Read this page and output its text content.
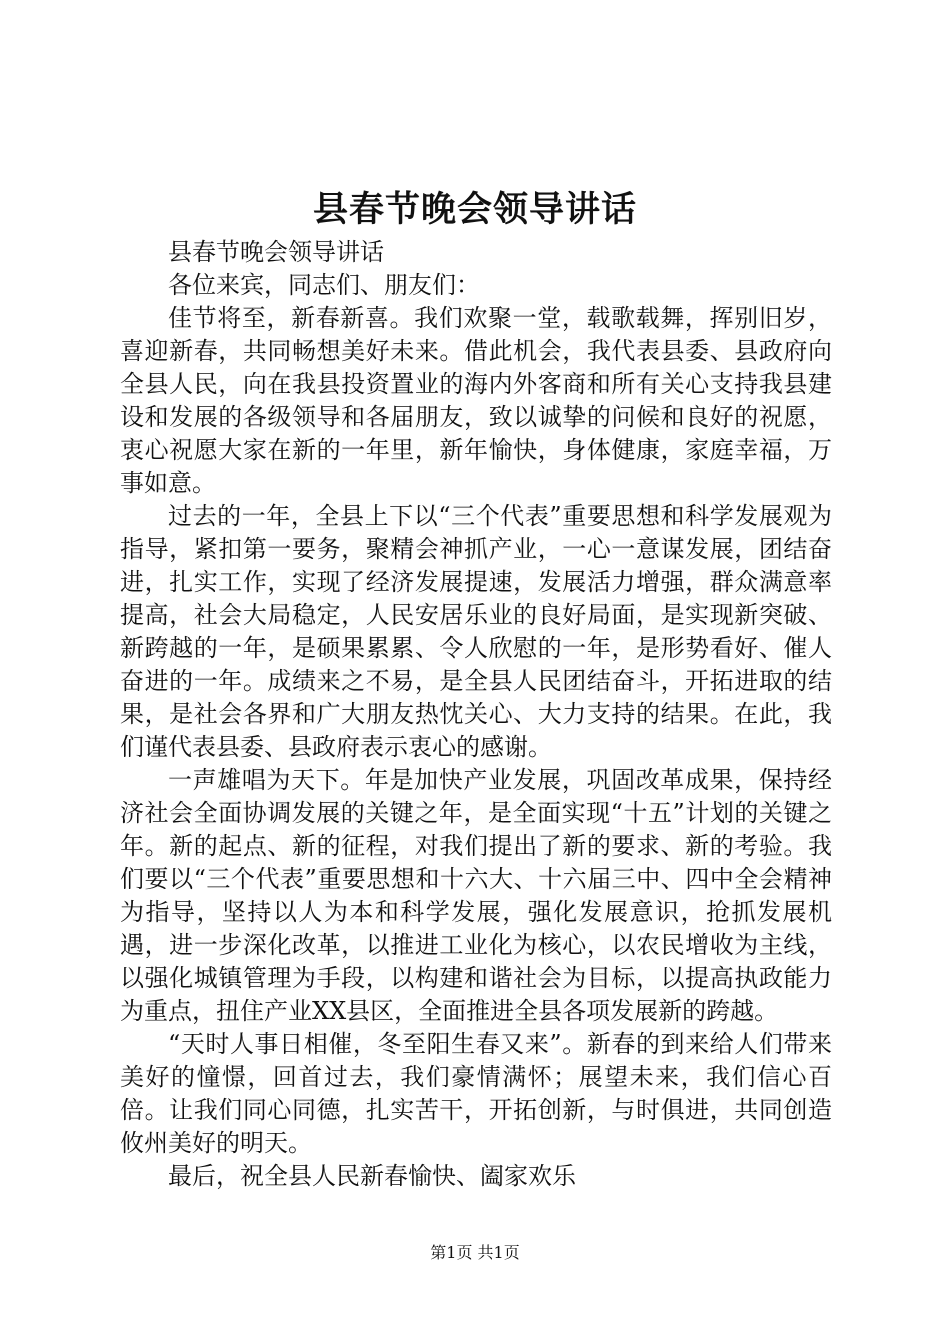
县春节晚会领导讲话

县春节晚会领导讲话

各位来宾，同志们、朋友们：

佳节将至，新春新喜。我们欢聚一堂，载歌载舞，挥别旧岁，喜迎新春，共同畅想美好未来。借此机会，我代表县委、县政府向全县人民，向在我县投资置业的海内外客商和所有关心支持我县建设和发展的各级领导和各届朋友，致以诚挚的问候和良好的祝愿，衷心祝愿大家在新的一年里，新年愉快，身体健康，家庭幸福，万事如意。

过去的一年，全县上下以“三个代表”重要思想和科学发展观为指导，紧扣第一要务，聚精会神抓产业，一心一意谋发展，团结奋进，扎实工作，实现了经济发展提速，发展活力增强，群众满意率提高，社会大局稳定，人民安居乐业的良好局面，是实现新突破、新跨越的一年，是硕果累累、令人欣慰的一年，是形势看好、催人奋进的一年。成绩来之不易，是全县人民团结奋斗，开拓进取的结果，是社会各界和广大朋友热忱关心、大力支持的结果。在此，我们谨代表县委、县政府表示衷心的感谢。

一声雄唱为天下。年是加快产业发展，巩固改革成果，保持经济社会全面协调发展的关键之年，是全面实现“十五”计划的关键之年。新的起点、新的征程，对我们提出了新的要求、新的考验。我们要以“三个代表”重要思想和十六大、十六届三中、四中全会精神为指导，坚持以人为本和科学发展，强化发展意识，抢抓发展机遇，进一步深化改革，以推进工业化为核心，以农民增收为主线，以强化城镇管理为手段，以构建和谐社会为目标，以提高执政能力为重点，扭住产业XX县区，全面推进全县各项发展新的跨越。

“天时人事日相催，冬至阳生春又来”。新春的到来给人们带来美好的憧憬，回首过去，我们豪情满怀；展望未来，我们信心百倍。让我们同心同德，扎实苦干，开拓创新，与时俱进，共同创造攸州美好的明天。

最后，祝全县人民新春愉快、阖家欢乐

第1页 共1页
